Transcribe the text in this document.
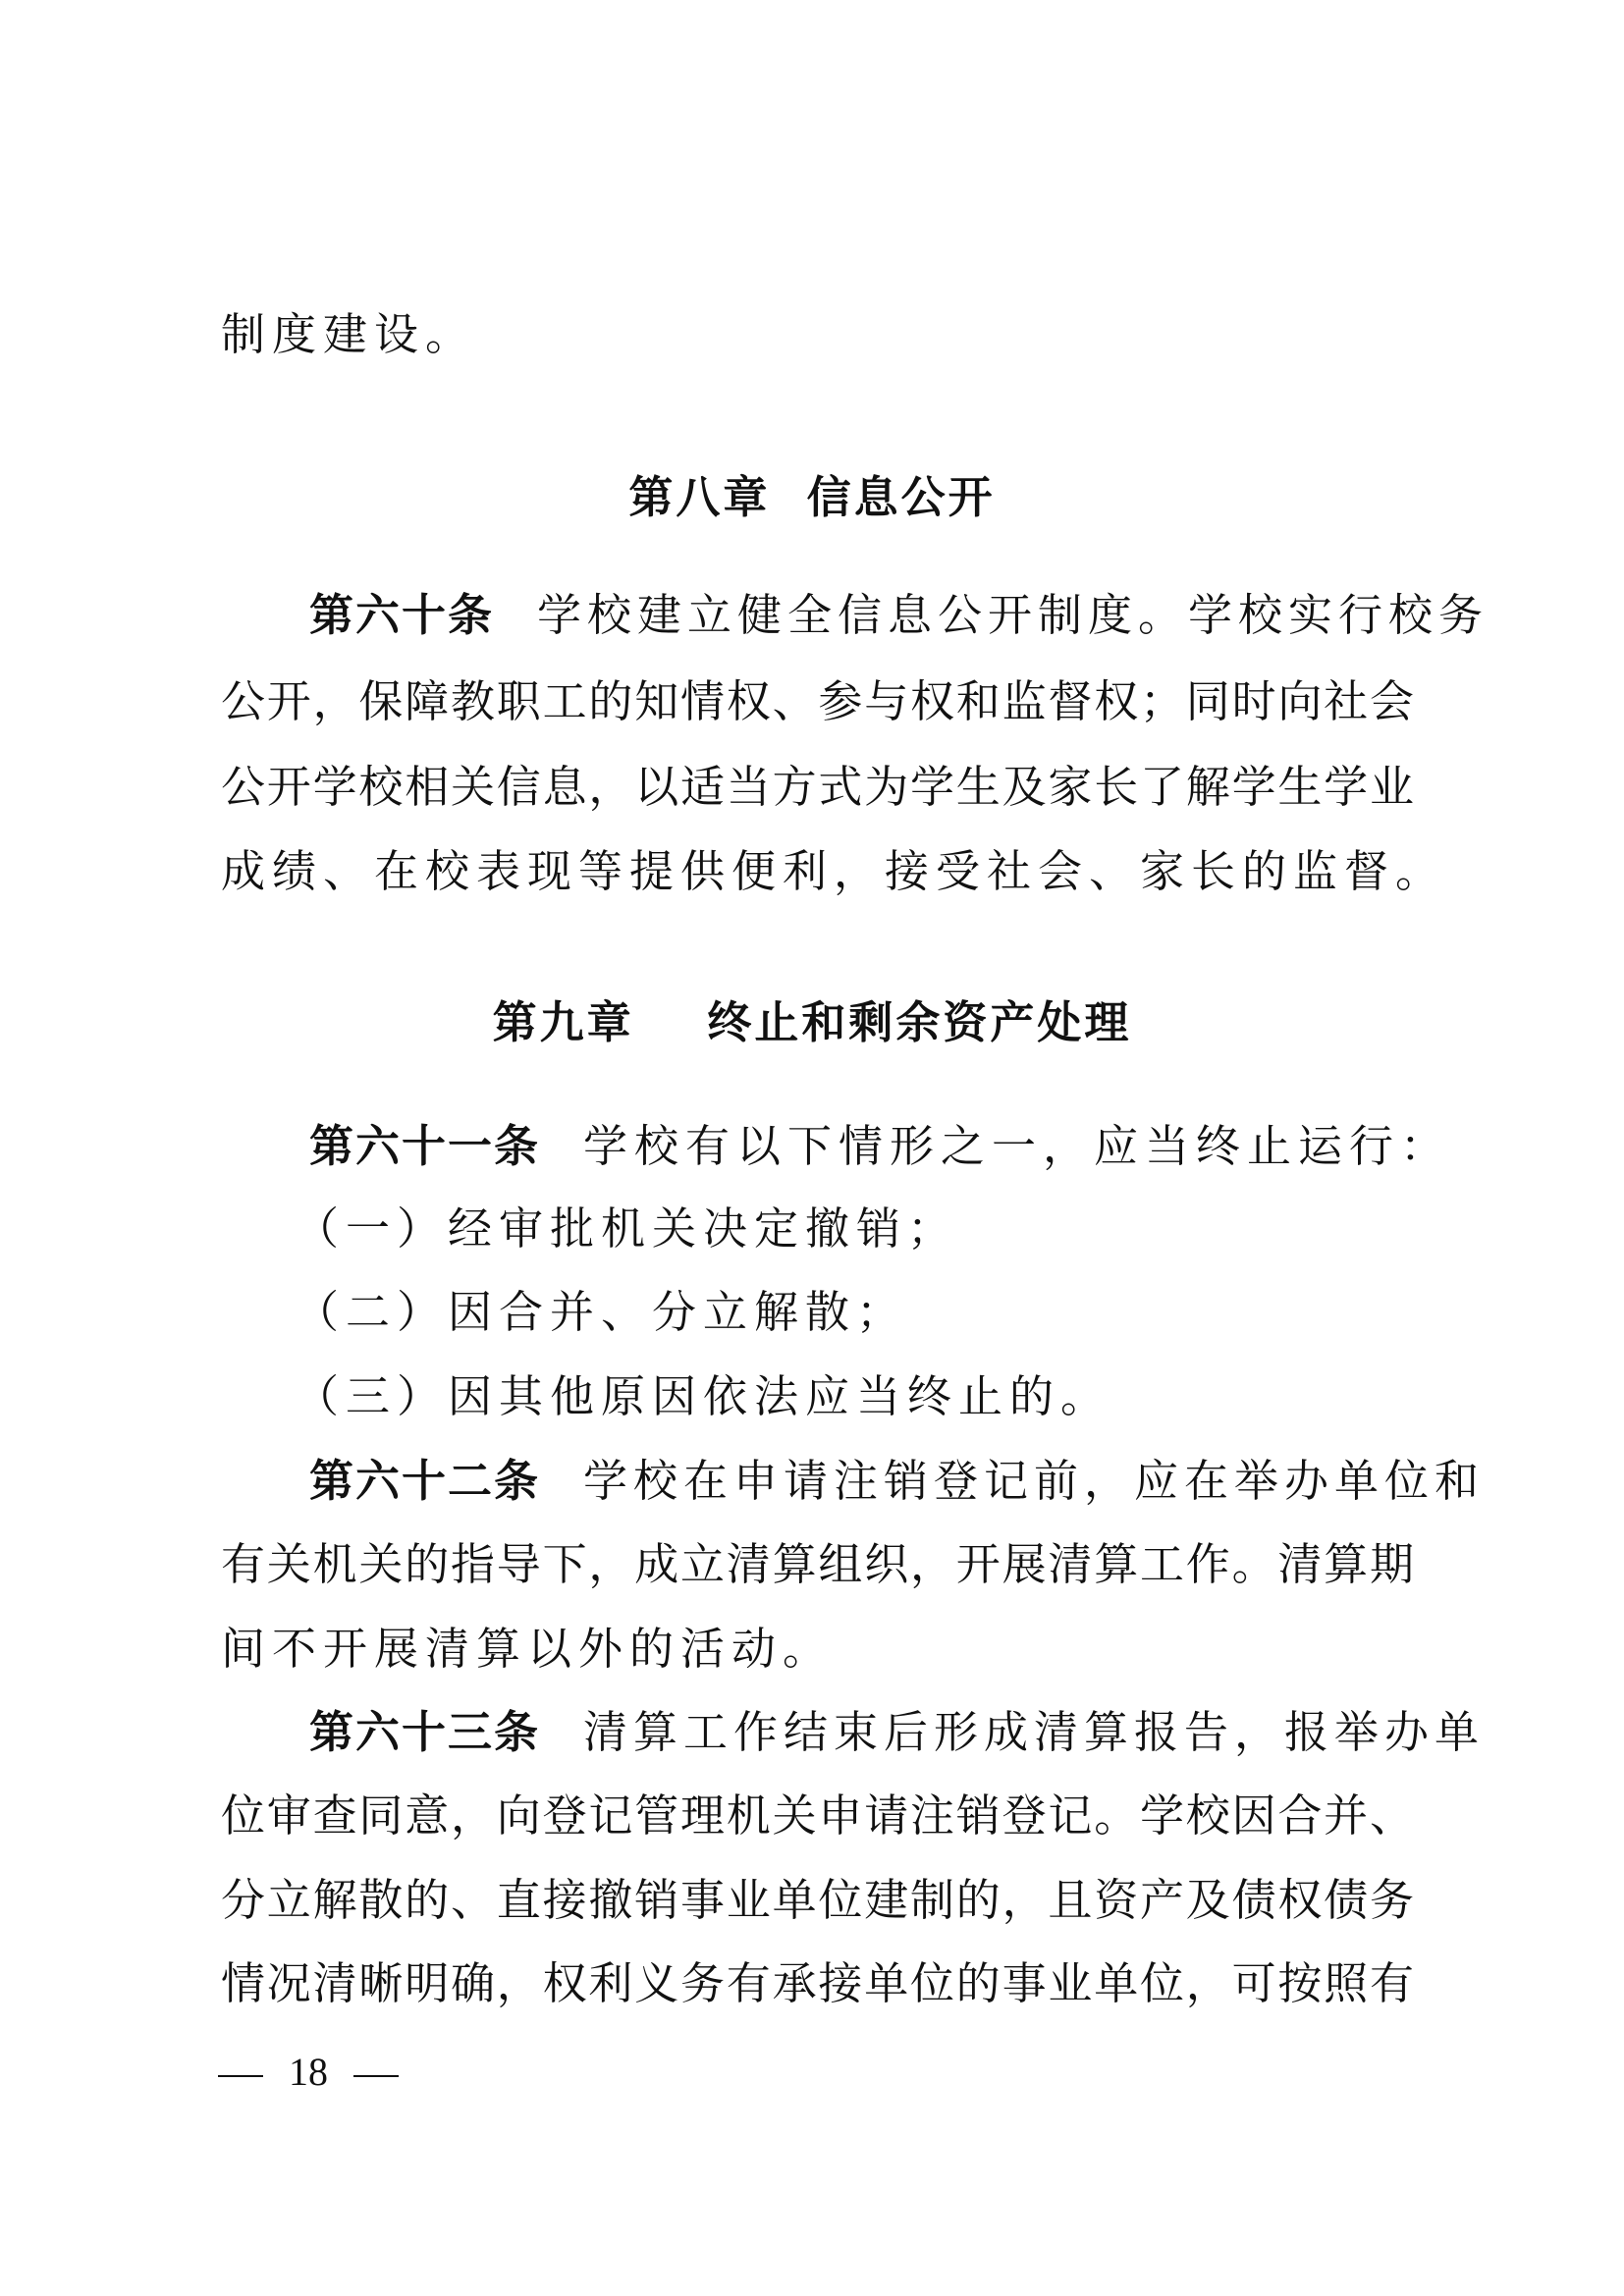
制度建设。
第八章  信息公开
第六十条 学校建立健全信息公开制度。学校实行校务
公开，保障教职工的知情权、参与权和监督权；同时向社会
公开学校相关信息，以适当方式为学生及家长了解学生学业
成绩、在校表现等提供便利，接受社会、家长的监督。
第九章    终止和剩余资产处理
第六十一条 学校有以下情形之一，应当终止运行：
（一）经审批机关决定撤销；
（二）因合并、分立解散；
（三）因其他原因依法应当终止的。
第六十二条 学校在申请注销登记前，应在举办单位和
有关机关的指导下，成立清算组织，开展清算工作。清算期
间不开展清算以外的活动。
第六十三条 清算工作结束后形成清算报告，报举办单
位审查同意，向登记管理机关申请注销登记。学校因合并、
分立解散的、直接撤销事业单位建制的，且资产及债权债务
情况清晰明确，权利义务有承接单位的事业单位，可按照有
18
